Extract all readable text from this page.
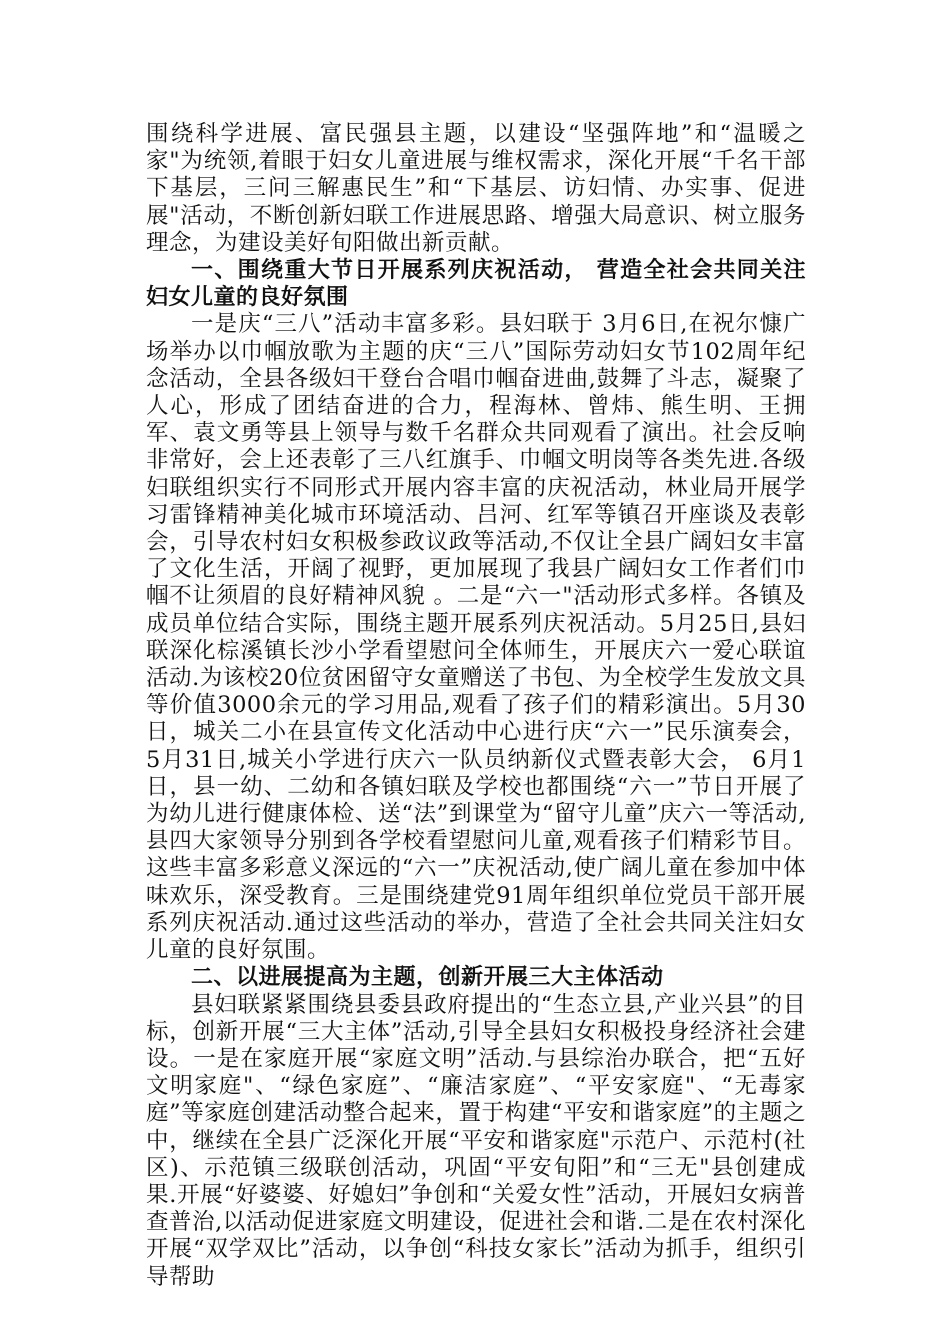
围绕科学进展、富民强县主题，以建设“坚强阵地”和“温暖之家"为统领,着眼于妇女儿童进展与维权需求，深化开展“千名干部下基层，三问三解惠民生”和“下基层、访妇情、办实事、促进展"活动，不断创新妇联工作进展思路、增强大局意识、树立服务理念，为建设美好旬阳做出新贡献。

一、围绕重大节日开展系列庆祝活动， 营造全社会共同关注妇女儿童的良好氛围

一是庆“三八”活动丰富多彩。县妇联于 3月6日,在祝尔慷广场举办以巾帼放歌为主题的庆“三八”国际劳动妇女节102周年纪念活动，全县各级妇干登台合唱巾帼奋进曲,鼓舞了斗志，凝聚了人心，形成了团结奋进的合力，程海林、曾炜、熊生明、王拥军、袁文勇等县上领导与数千名群众共同观看了演出。社会反响非常好，会上还表彰了三八红旗手、巾帼文明岗等各类先进.各级妇联组织实行不同形式开展内容丰富的庆祝活动，林业局开展学习雷锋精神美化城市环境活动、吕河、红军等镇召开座谈及表彰会，引导农村妇女积极参政议政等活动,不仅让全县广阔妇女丰富了文化生活，开阔了视野，更加展现了我县广阔妇女工作者们巾帼不让须眉的良好精神风貌 。二是“六一"活动形式多样。各镇及成员单位结合实际，围绕主题开展系列庆祝活动。5月25日,县妇联深化棕溪镇长沙小学看望慰问全体师生，开展庆六一爱心联谊活动.为该校20位贫困留守女童赠送了书包、为全校学生发放文具等价值3000余元的学习用品,观看了孩子们的精彩演出。5月30日，城关二小在县宣传文化活动中心进行庆“六一”民乐演奏会， 5月31日,城关小学进行庆六一队员纳新仪式暨表彰大会， 6月1日，县一幼、二幼和各镇妇联及学校也都围绕“六一”节日开展了为幼儿进行健康体检、送“法”到课堂为“留守儿童”庆六一等活动,县四大家领导分别到各学校看望慰问儿童,观看孩子们精彩节目。这些丰富多彩意义深远的“六一”庆祝活动,使广阔儿童在参加中体味欢乐，深受教育。三是围绕建党91周年组织单位党员干部开展系列庆祝活动.通过这些活动的举办，营造了全社会共同关注妇女儿童的良好氛围。

二、以进展提高为主题，创新开展三大主体活动

县妇联紧紧围绕县委县政府提出的“生态立县,产业兴县”的目标，创新开展“三大主体”活动,引导全县妇女积极投身经济社会建设。一是在家庭开展“家庭文明”活动.与县综治办联合，把“五好文明家庭"、“绿色家庭”、“廉洁家庭”、“平安家庭"、“无毒家庭”等家庭创建活动整合起来，置于构建“平安和谐家庭”的主题之中，继续在全县广泛深化开展“平安和谐家庭"示范户、示范村(社区)、示范镇三级联创活动，巩固“平安旬阳”和“三无"县创建成果.开展“好婆婆、好媳妇”争创和“关爱女性”活动，开展妇女病普查普治,以活动促进家庭文明建设，促进社会和谐.二是在农村深化开展“双学双比”活动，以争创“科技女家长”活动为抓手，组织引导帮助
